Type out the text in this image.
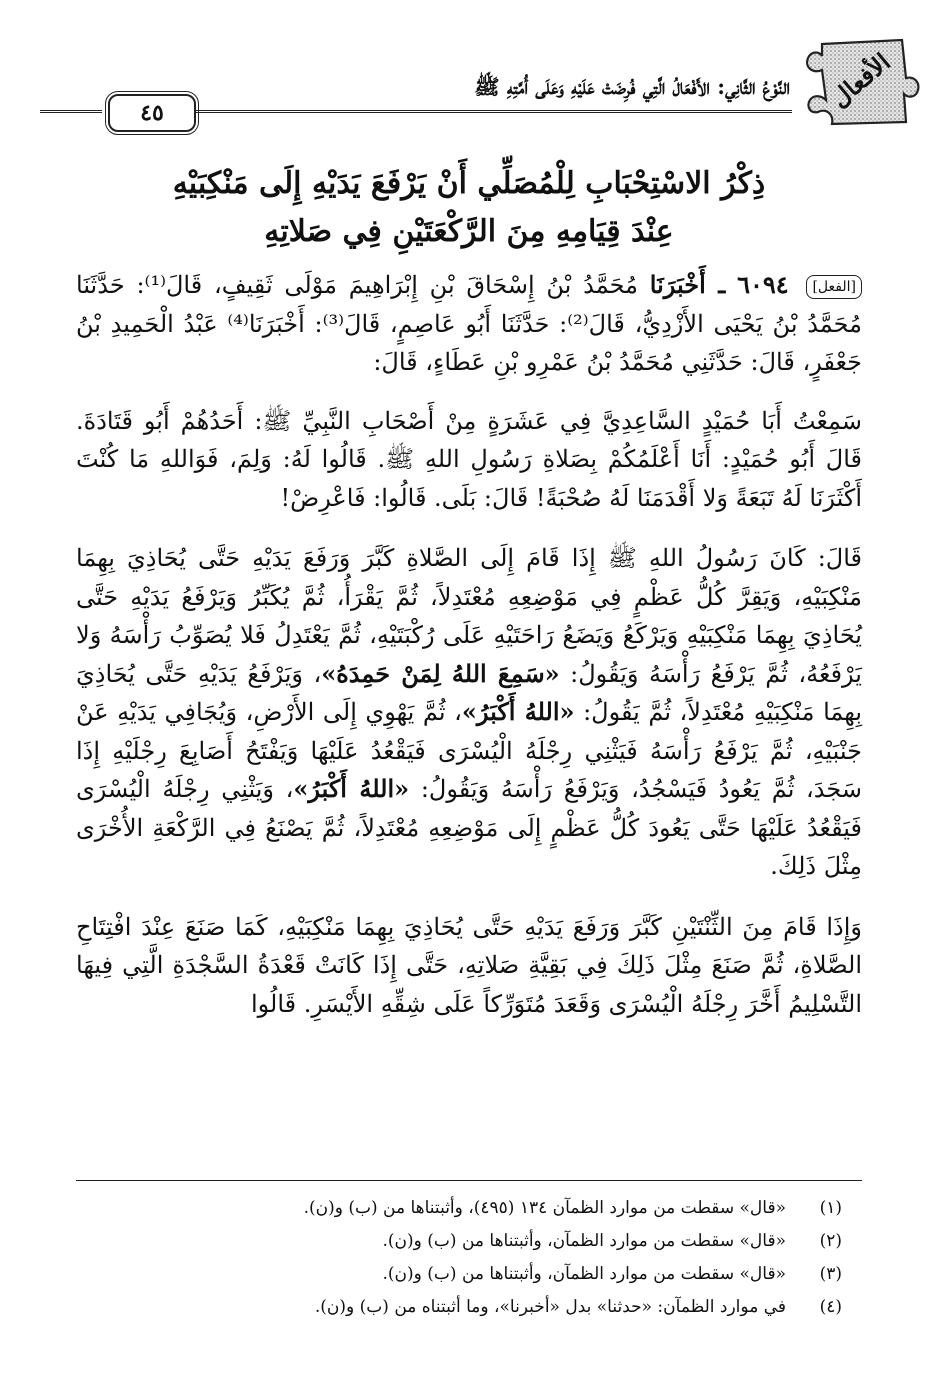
الأفعال
النَّوْعُ الثَّانِي: الأَفْعَالُ الَّتِي فُرِضَتْ عَلَيْهِ وَعَلَى أُمَّتِهِ ﷺ
٤٥
ذِكْرُ الاسْتِحْبَابِ لِلْمُصَلِّي أَنْ يَرْفَعَ يَدَيْهِ إِلَى مَنْكِبَيْهِ
عِنْدَ قِيَامِهِ مِنَ الرَّكْعَتَيْنِ فِي صَلاتِهِ

[الفعل] ٦٠٩٤ ـ أَخْبَرَنَا مُحَمَّدُ بْنُ إِسْحَاقَ بْنِ إِبْرَاهِيمَ مَوْلَى ثَقِيفٍ، قَالَ⁽¹⁾: حَدَّثَنَا مُحَمَّدُ بْنُ يَحْيَى الأَزْدِيُّ، قَالَ⁽²⁾: حَدَّثَنَا أَبُو عَاصِمٍ، قَالَ⁽³⁾: أَخْبَرَنَا⁽⁴⁾ عَبْدُ الْحَمِيدِ بْنُ جَعْفَرٍ، قَالَ: حَدَّثَنِي مُحَمَّدُ بْنُ عَمْرِو بْنِ عَطَاءٍ، قَالَ:

سَمِعْتُ أَبَا حُمَيْدٍ السَّاعِدِيَّ فِي عَشَرَةٍ مِنْ أَصْحَابِ النَّبِيِّ ﷺ: أَحَدُهُمْ أَبُو قَتَادَةَ. قَالَ أَبُو حُمَيْدٍ: أَنَا أَعْلَمُكُمْ بِصَلاةِ رَسُولِ اللهِ ﷺ. قَالُوا لَهُ: وَلِمَ، فَوَاللهِ مَا كُنْتَ أَكْثَرَنَا لَهُ تَبَعَةً وَلا أَقْدَمَنَا لَهُ صُحْبَةً! قَالَ: بَلَى. قَالُوا: فَاعْرِضْ!

قَالَ: كَانَ رَسُولُ اللهِ ﷺ إِذَا قَامَ إِلَى الصَّلاةِ كَبَّرَ وَرَفَعَ يَدَيْهِ حَتَّى يُحَاذِيَ بِهِمَا مَنْكِبَيْهِ، وَيَقِرَّ كُلُّ عَظْمٍ فِي مَوْضِعِهِ مُعْتَدِلاً، ثُمَّ يَقْرَأُ، ثُمَّ يُكَبِّرُ وَيَرْفَعُ يَدَيْهِ حَتَّى يُحَاذِيَ بِهِمَا مَنْكِبَيْهِ وَيَرْكَعُ وَيَضَعُ رَاحَتَيْهِ عَلَى رُكْبَتَيْهِ، ثُمَّ يَعْتَدِلُ فَلا يُصَوِّبُ رَأْسَهُ وَلا يَرْفَعُهُ، ثُمَّ يَرْفَعُ رَأْسَهُ وَيَقُولُ: «سَمِعَ اللهُ لِمَنْ حَمِدَهُ»، وَيَرْفَعُ يَدَيْهِ حَتَّى يُحَاذِيَ بِهِمَا مَنْكِبَيْهِ مُعْتَدِلاً، ثُمَّ يَقُولُ: «اللهُ أَكْبَرُ»، ثُمَّ يَهْوِي إِلَى الأَرْضِ، وَيُجَافِي يَدَيْهِ عَنْ جَنْبَيْهِ، ثُمَّ يَرْفَعُ رَأْسَهُ فَيَثْنِي رِجْلَهُ الْيُسْرَى فَيَقْعُدُ عَلَيْهَا وَيَفْتَحُ أَصَابِعَ رِجْلَيْهِ إِذَا سَجَدَ، ثُمَّ يَعُودُ فَيَسْجُدُ، وَيَرْفَعُ رَأْسَهُ وَيَقُولُ: «اللهُ أَكْبَرُ»، وَيَثْنِي رِجْلَهُ الْيُسْرَى فَيَقْعُدُ عَلَيْهَا حَتَّى يَعُودَ كُلُّ عَظْمٍ إِلَى مَوْضِعِهِ مُعْتَدِلاً، ثُمَّ يَصْنَعُ فِي الرَّكْعَةِ الأُخْرَى مِثْلَ ذَلِكَ.

وَإِذَا قَامَ مِنَ الثِّنْتَيْنِ كَبَّرَ وَرَفَعَ يَدَيْهِ حَتَّى يُحَاذِيَ بِهِمَا مَنْكِبَيْهِ، كَمَا صَنَعَ عِنْدَ افْتِتَاحِ الصَّلاةِ، ثُمَّ صَنَعَ مِثْلَ ذَلِكَ فِي بَقِيَّةِ صَلاتِهِ، حَتَّى إِذَا كَانَتْ قَعْدَةُ السَّجْدَةِ الَّتِي فِيهَا التَّسْلِيمُ أَخَّرَ رِجْلَهُ الْيُسْرَى وَقَعَدَ مُتَوَرِّكاً عَلَى شِقِّهِ الأَيْسَرِ. قَالُوا

(١)«قال» سقطت من موارد الظمآن ١٣٤ (٤٩٥)، وأثبتناها من (ب) و(ن).
(٢)«قال» سقطت من موارد الظمآن، وأثبتناها من (ب) و(ن).
(٣)«قال» سقطت من موارد الظمآن، وأثبتناها من (ب) و(ن).
(٤)في موارد الظمآن: «حدثنا» بدل «أخبرنا»، وما أثبتناه من (ب) و(ن).
